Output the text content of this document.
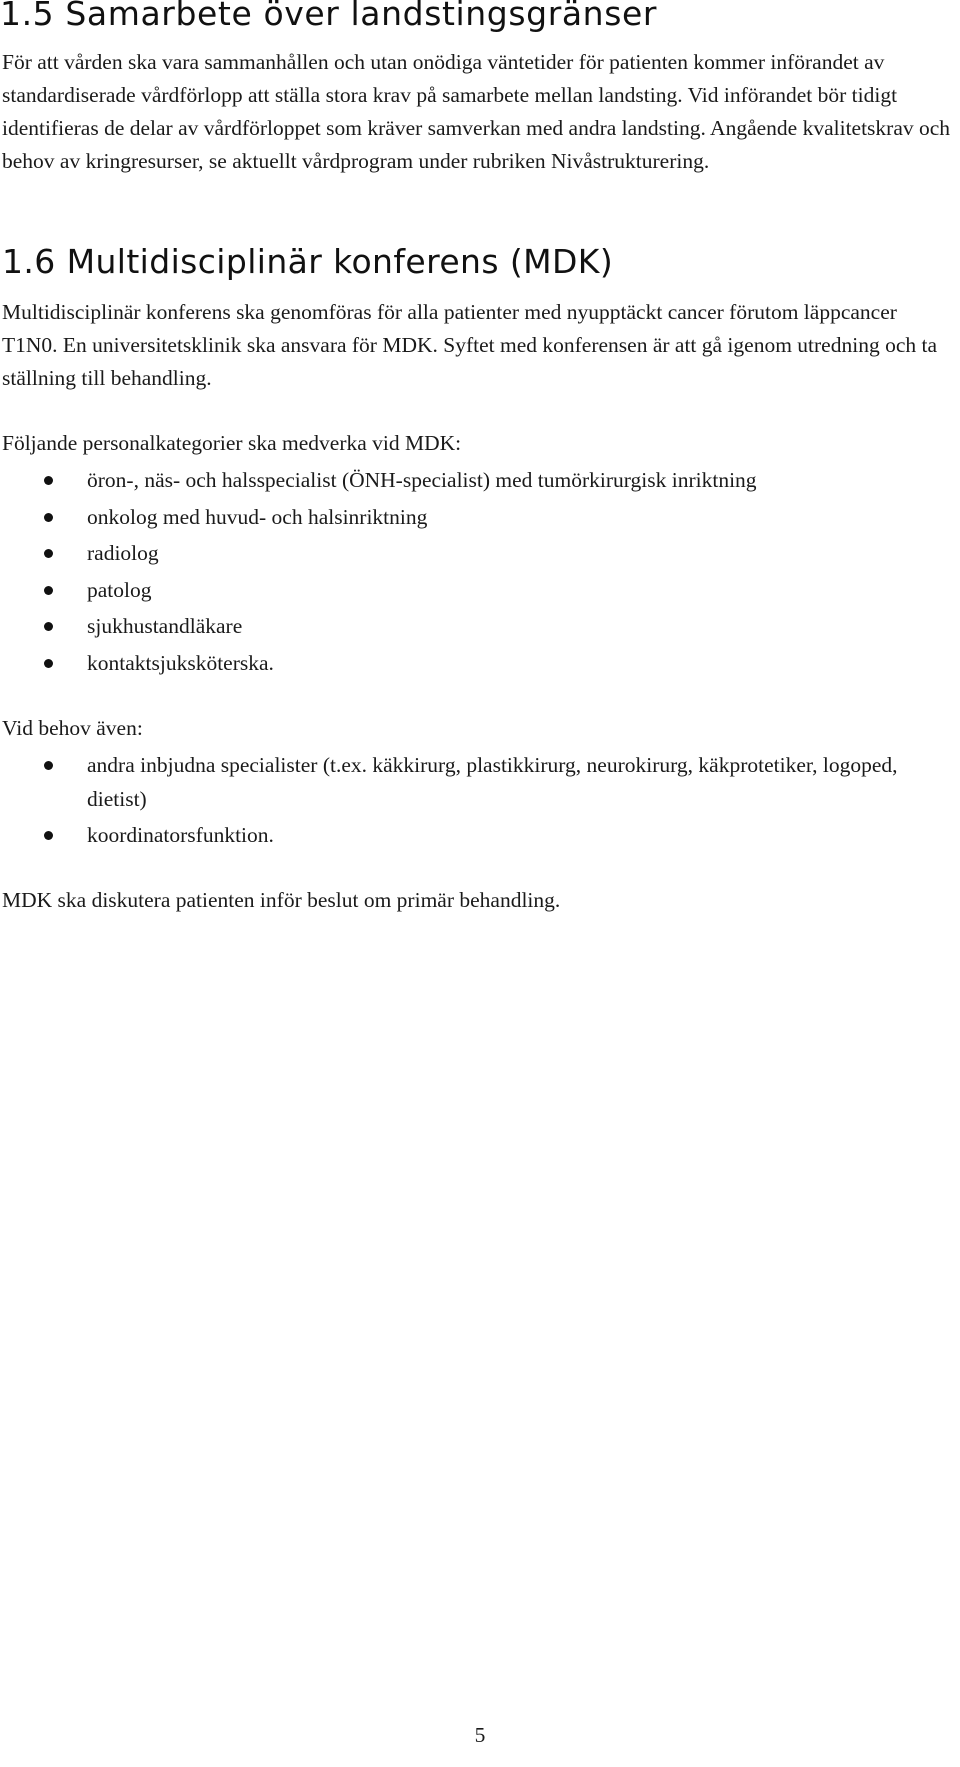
1.5 Samarbete över landstingsgränser

För att vården ska vara sammanhållen och utan onödiga väntetider för patienten kommer införandet av standardiserade vårdförlopp att ställa stora krav på samarbete mellan landsting. Vid införandet bör tidigt identifieras de delar av vårdförloppet som kräver samverkan med andra landsting. Angående kvalitetskrav och behov av kringresurser, se aktuellt vårdprogram under rubriken Nivåstrukturering.

1.6 Multidisciplinär konferens (MDK)

Multidisciplinär konferens ska genomföras för alla patienter med nyupptäckt cancer förutom läppcancer T1N0. En universitetsklinik ska ansvara för MDK. Syftet med konferensen är att gå igenom utredning och ta ställning till behandling.

Följande personalkategorier ska medverka vid MDK:

öron-, näs- och halsspecialist (ÖNH-specialist) med tumörkirurgisk inriktning
onkolog med huvud- och halsinriktning
radiolog
patolog
sjukhustandläkare
kontaktsjuksköterska.

Vid behov även:

andra inbjudna specialister (t.ex. käkkirurg, plastikkirurg, neurokirurg, käkprotetiker, logoped, dietist)
koordinatorsfunktion.

MDK ska diskutera patienten inför beslut om primär behandling.

5
